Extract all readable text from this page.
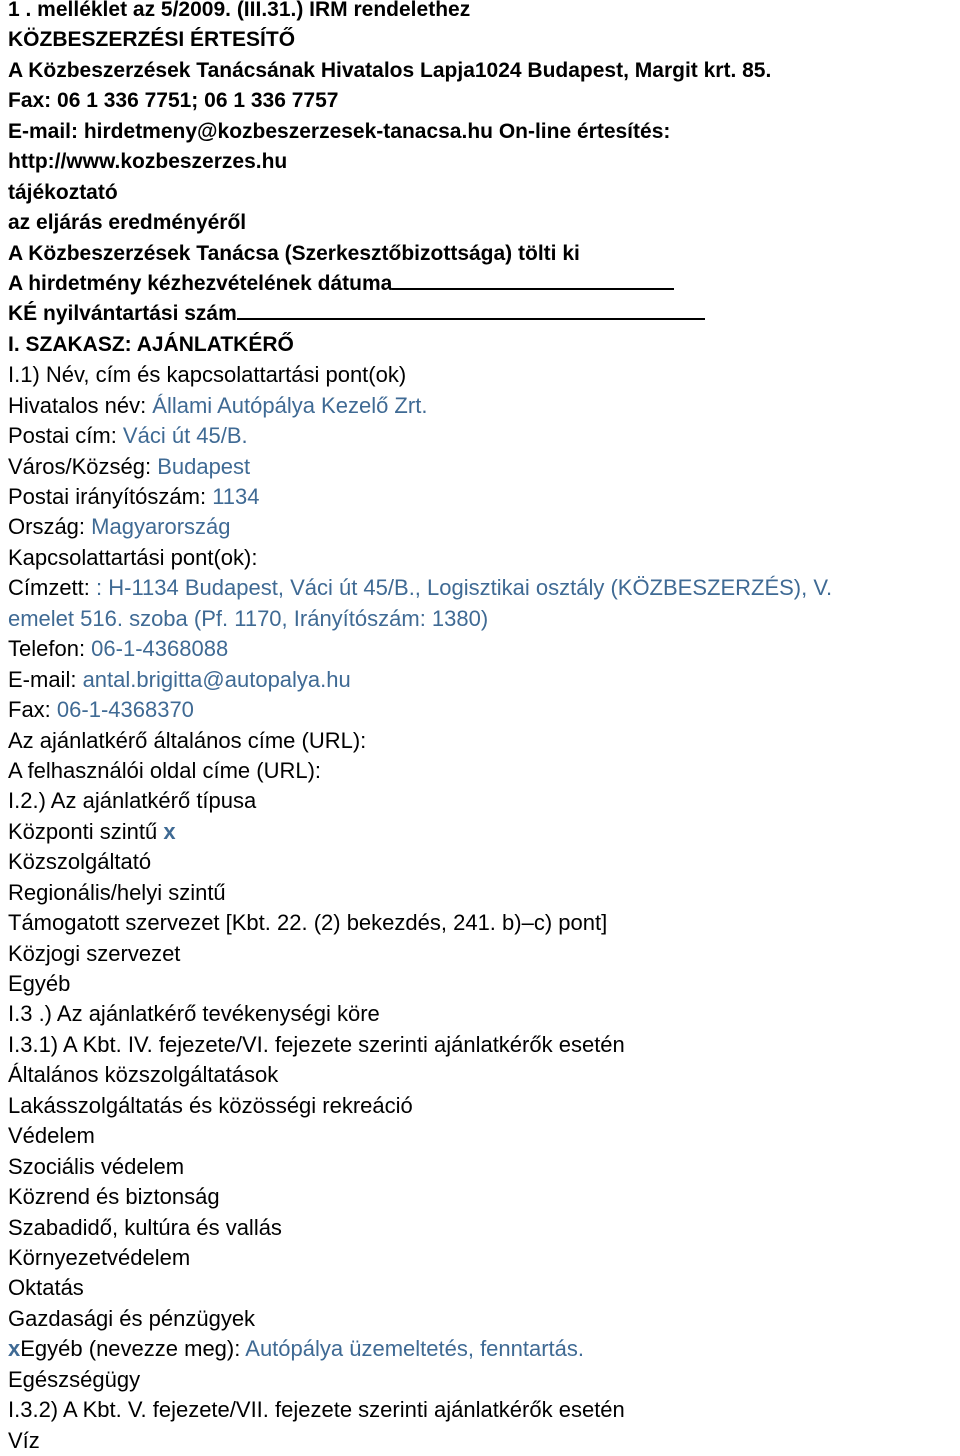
1 . melléklet az 5/2009. (III.31.) IRM rendelethez
KÖZBESZERZÉSI ÉRTESÍTŐ
A Közbeszerzések Tanácsának Hivatalos Lapja1024 Budapest, Margit krt. 85.
Fax: 06 1 336 7751; 06 1 336 7757
E-mail: hirdetmeny@kozbeszerzesek-tanacsa.hu On-line értesítés:
http://www.kozbeszerzes.hu
tájékoztató
az eljárás eredményéről
A Közbeszerzések Tanácsa (Szerkesztőbizottsága) tölti ki
A hirdetmény kézhezvételének dátuma
KÉ nyilvántartási szám
I. SZAKASZ: AJÁNLATKÉRŐ
I.1) Név, cím és kapcsolattartási pont(ok)
Hivatalos név: Állami Autópálya Kezelő Zrt.
Postai cím: Váci út 45/B.
Város/Község: Budapest
Postai irányítószám: 1134
Ország: Magyarország
Kapcsolattartási pont(ok):
Címzett: : H-1134 Budapest, Váci út 45/B., Logisztikai osztály (KÖZBESZERZÉS), V.
emelet 516. szoba (Pf. 1170, Irányítószám: 1380)
Telefon: 06-1-4368088
E-mail: antal.brigitta@autopalya.hu
Fax: 06-1-4368370
Az ajánlatkérő általános címe (URL):
A felhasználói oldal címe (URL):
I.2.) Az ajánlatkérő típusa
Központi szintű x
Közszolgáltató
Regionális/helyi szintű
Támogatott szervezet [Kbt. 22. (2) bekezdés, 241. b)–c) pont]
Közjogi szervezet
Egyéb
I.3 .) Az ajánlatkérő tevékenységi köre
I.3.1) A Kbt. IV. fejezete/VI. fejezete szerinti ajánlatkérők esetén
Általános közszolgáltatások
Lakásszolgáltatás és közösségi rekreáció
Védelem
Szociális védelem
Közrend és biztonság
Szabadidő, kultúra és vallás
Környezetvédelem
Oktatás
Gazdasági és pénzügyek
xEgyéb (nevezze meg): Autópálya üzemeltetés, fenntartás.
Egészségügy
I.3.2) A Kbt. V. fejezete/VII. fejezete szerinti ajánlatkérők esetén
Víz
